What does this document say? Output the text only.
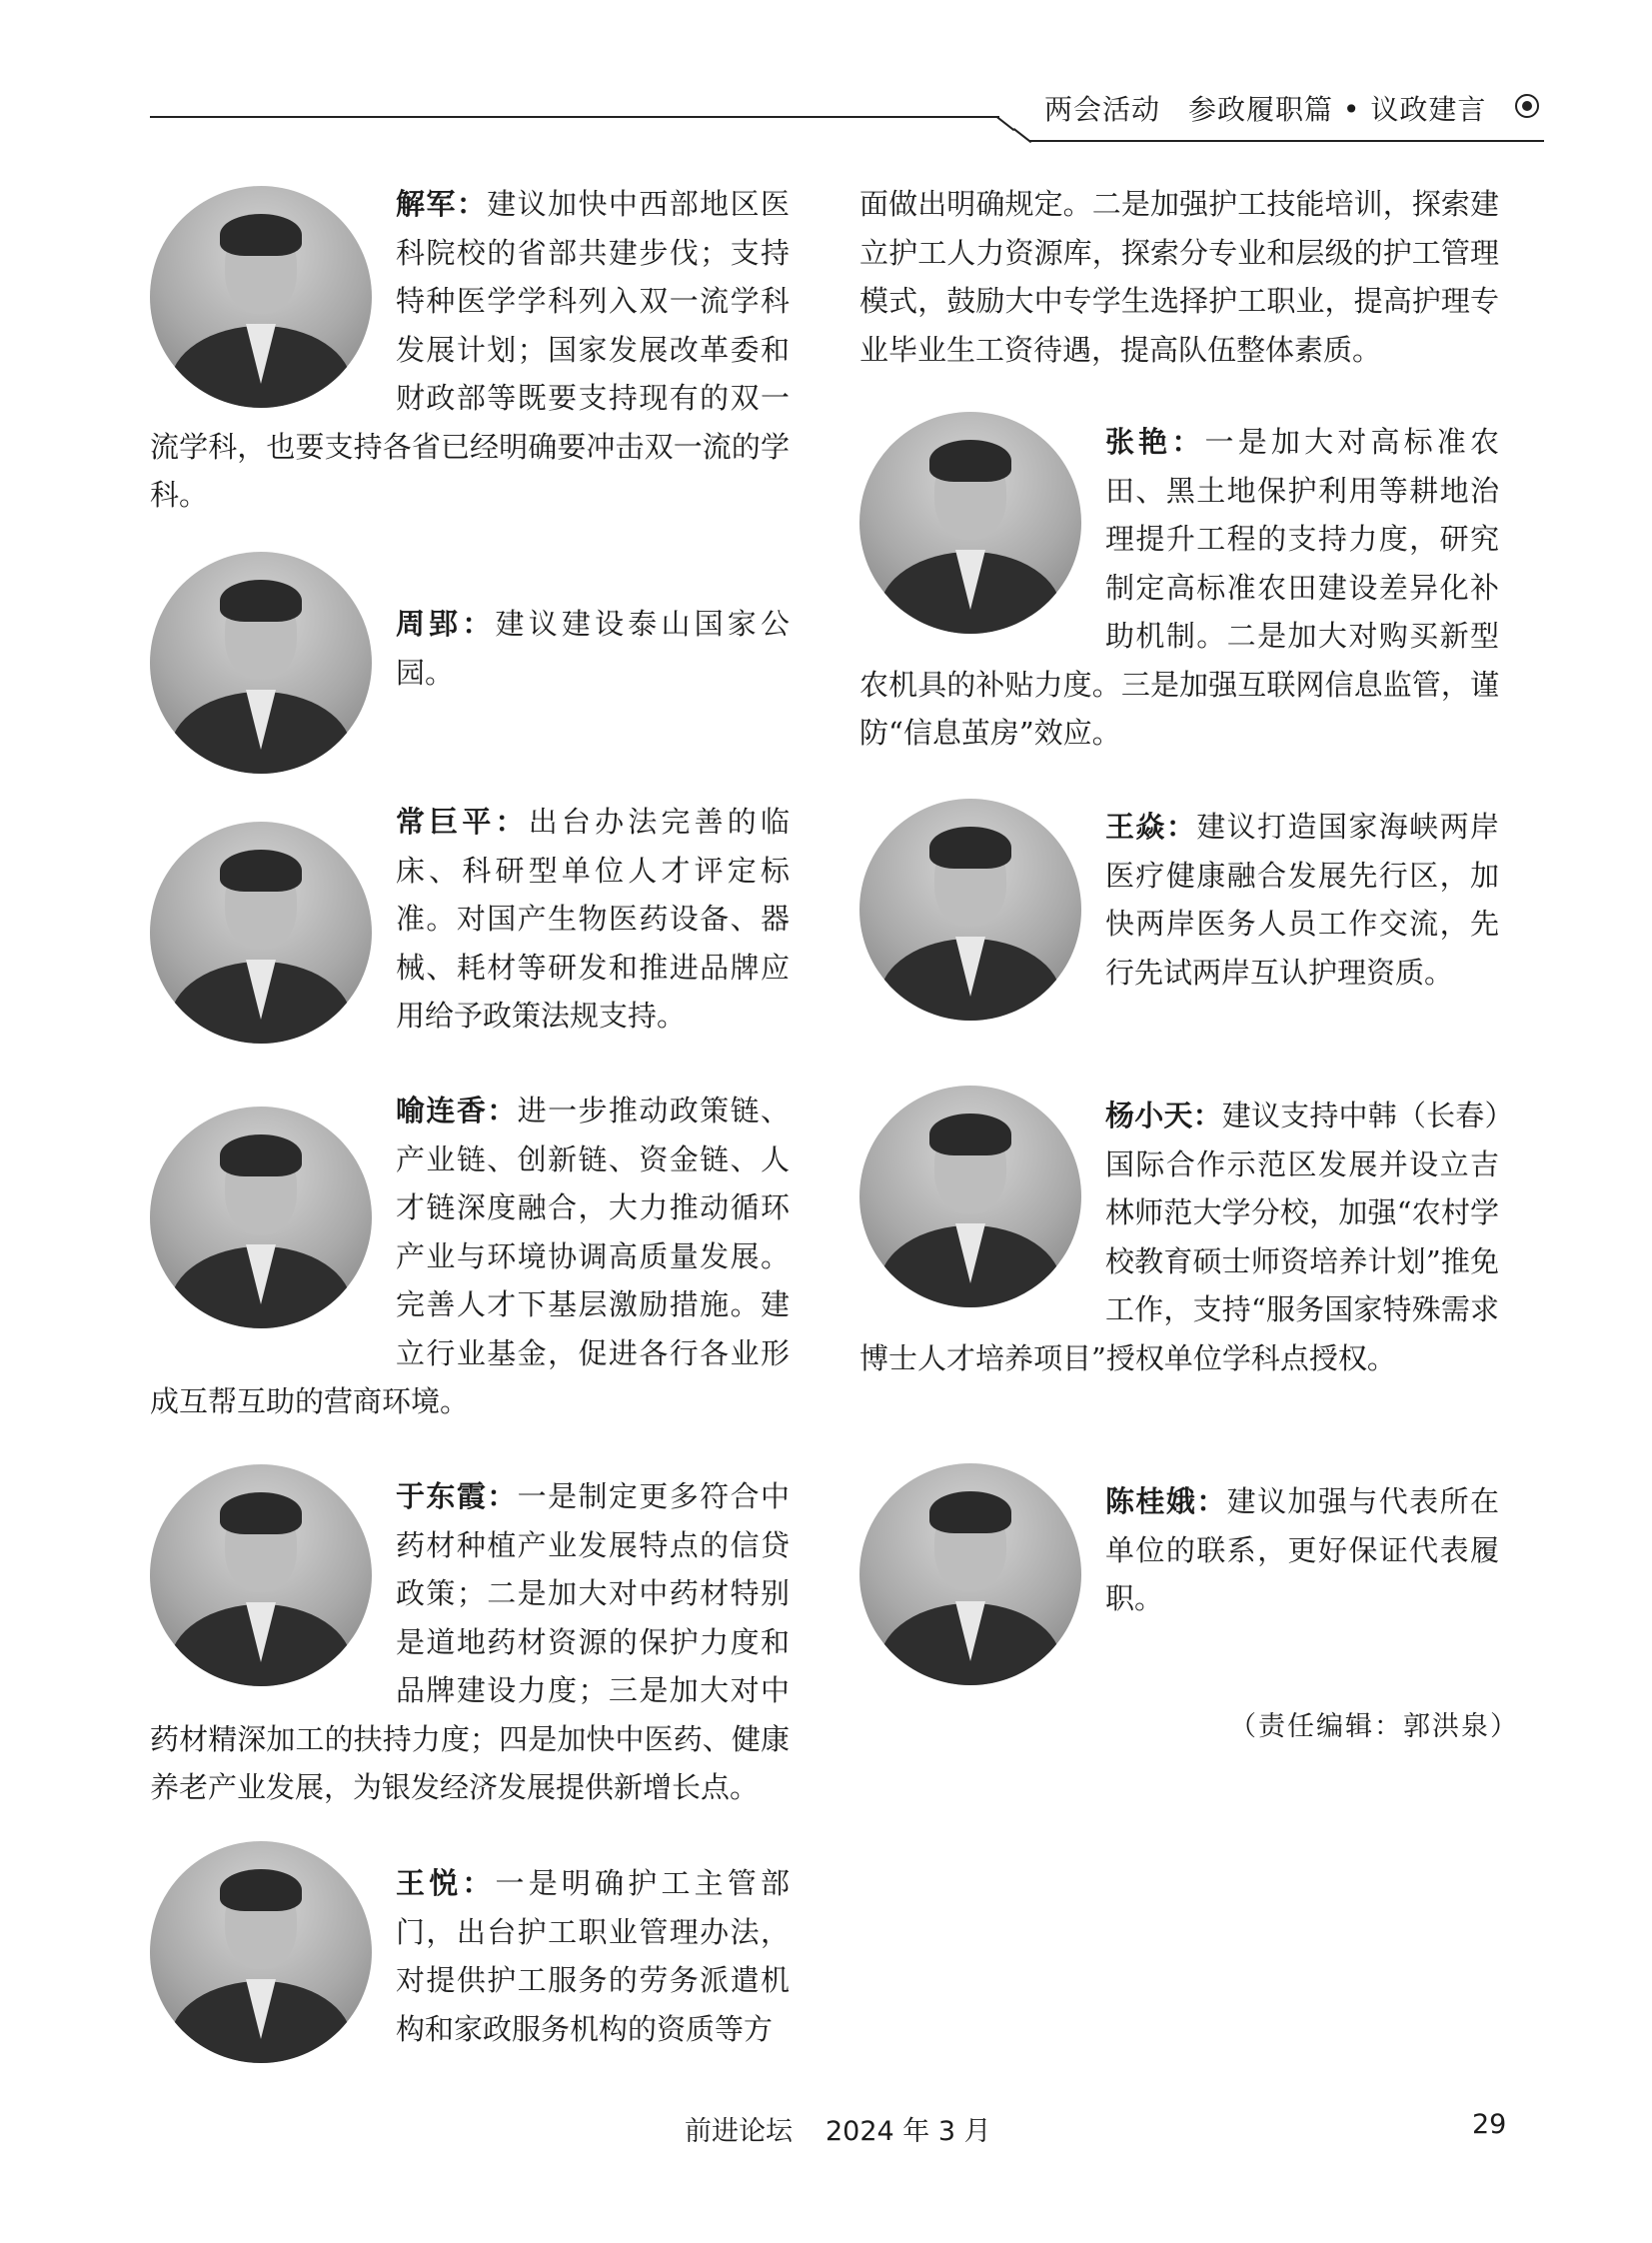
两会活动 参政履职篇 • 议政建言
解军：建议加快中西部地区医科院校的省部共建步伐；支持特种医学学科列入双一流学科发展计划；国家发展改革委和财政部等既要支持现有的双一流学科，也要支持各省已经明确要冲击双一流的学科。
周郢：建议建设泰山国家公园。
常巨平：出台办法完善的临床、科研型单位人才评定标准。对国产生物医药设备、器械、耗材等研发和推进品牌应用给予政策法规支持。
喻连香：进一步推动政策链、产业链、创新链、资金链、人才链深度融合，大力推动循环产业与环境协调高质量发展。完善人才下基层激励措施。建立行业基金，促进各行各业形成互帮互助的营商环境。
于东霞：一是制定更多符合中药材种植产业发展特点的信贷政策；二是加大对中药材特别是道地药材资源的保护力度和品牌建设力度；三是加大对中药材精深加工的扶持力度；四是加快中医药、健康养老产业发展，为银发经济发展提供新增长点。
王悦：一是明确护工主管部门，出台护工职业管理办法，对提供护工服务的劳务派遣机构和家政服务机构的资质等方
面做出明确规定。二是加强护工技能培训，探索建立护工人力资源库，探索分专业和层级的护工管理模式，鼓励大中专学生选择护工职业，提高护理专业毕业生工资待遇，提高队伍整体素质。
张艳：一是加大对高标准农田、黑土地保护利用等耕地治理提升工程的支持力度，研究制定高标准农田建设差异化补助机制。二是加大对购买新型农机具的补贴力度。三是加强互联网信息监管，谨防“信息茧房”效应。
王焱：建议打造国家海峡两岸医疗健康融合发展先行区，加快两岸医务人员工作交流，先行先试两岸互认护理资质。
杨小天：建议支持中韩（长春）国际合作示范区发展并设立吉林师范大学分校，加强“农村学校教育硕士师资培养计划”推免工作，支持“服务国家特殊需求博士人才培养项目”授权单位学科点授权。
陈桂娥：建议加强与代表所在单位的联系，更好保证代表履职。
（责任编辑：郭洪泉）
前进论坛 2024 年 3 月	29
